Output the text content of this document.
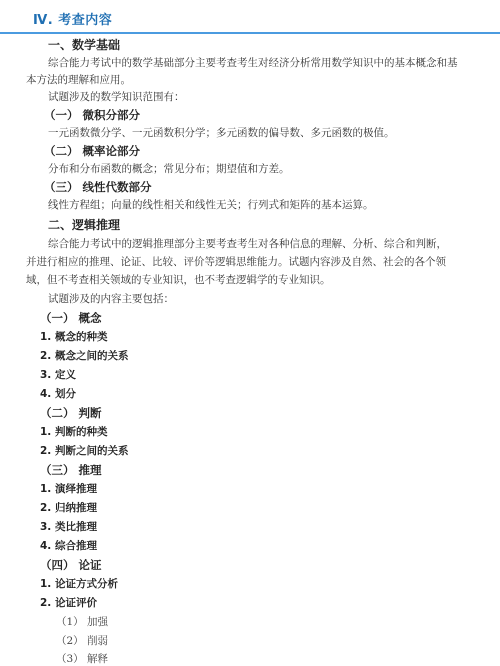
Ⅳ. 考查内容
一、数学基础
综合能力考试中的数学基础部分主要考查考生对经济分析常用数学知识中的基本概念和基
本方法的理解和应用。
试题涉及的数学知识范围有：
（一） 微积分部分
一元函数微分学、一元函数积分学；多元函数的偏导数、多元函数的极值。
（二） 概率论部分
分布和分布函数的概念；常见分布；期望值和方差。
（三） 线性代数部分
线性方程组；向量的线性相关和线性无关；行列式和矩阵的基本运算。
二、逻辑推理
综合能力考试中的逻辑推理部分主要考查考生对各种信息的理解、分析、综合和判断，
并进行相应的推理、论证、比较、评价等逻辑思维能力。试题内容涉及自然、社会的各个领
域，但不考查相关领域的专业知识，也不考查逻辑学的专业知识。
试题涉及的内容主要包括：
（一） 概念
1. 概念的种类
2. 概念之间的关系
3. 定义
4. 划分
（二） 判断
1. 判断的种类
2. 判断之间的关系
（三） 推理
1. 演绎推理
2. 归纳推理
3. 类比推理
4. 综合推理
（四） 论证
1. 论证方式分析
2. 论证评价
（1） 加强
（2） 削弱
（3） 解释
